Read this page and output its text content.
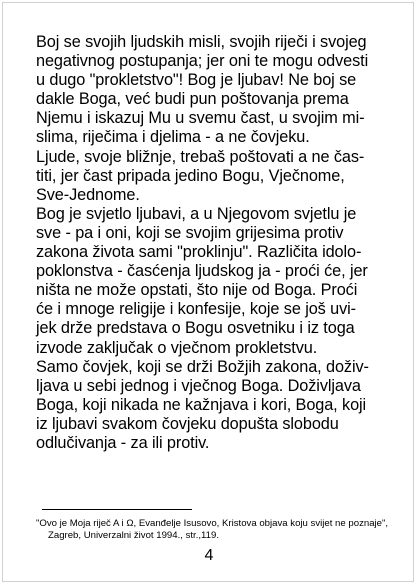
Boj se svojih ljudskih misli, svojih riječi i svojeg
negativnog postupanja; jer oni te mogu odvesti
u dugo "prokletstvo"! Bog je ljubav! Ne boj se
dakle Boga, već budi pun poštovanja prema
Njemu i iskazuj Mu u svemu čast, u svojim mi-
slima, riječima i djelima - a ne čovjeku.
Ljude, svoje bližnje, trebaš poštovati a ne čas-
titi, jer čast pripada jedino Bogu, Vječnome,
Sve-Jednome.
Bog je svjetlo ljubavi, a u Njegovom svjetlu je
sve - pa i oni, koji se svojim grijesima protiv
zakona života sami "proklinju". Različita idolo-
poklonstva - časćenja ljudskog ja - proći će, jer
ništa ne može opstati, što nije od Boga. Proći
će i mnoge religije i konfesije, koje se još uvi-
jek drže predstava o Bogu osvetniku i iz toga
izvode zaključak o vječnom prokletstvu.
Samo čovjek, koji se drži Božjih zakona, doživ-
ljava u sebi jednog i vječnog Boga. Doživljava
Boga, koji nikada ne kažnjava i kori, Boga, koji
iz ljubavi svakom čovjeku dopušta slobodu
odlučivanja - za ili protiv.
"Ovo je Moja riječ A i Ω, Evanđelje Isusovo, Kristova objava koju svijet ne poznaje",
Zagreb, Univerzalni život 1994., str.,119.
4
